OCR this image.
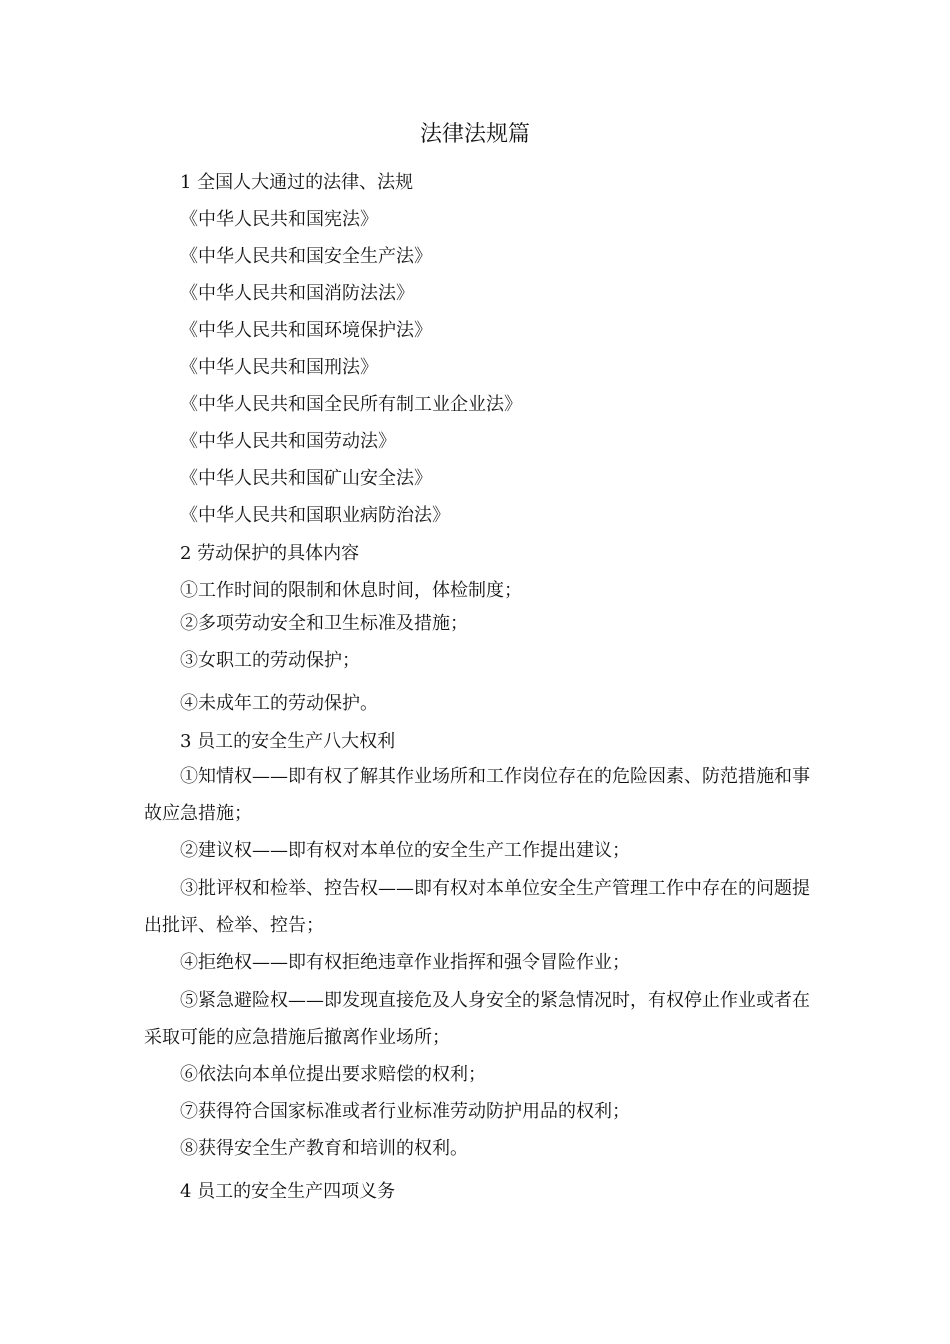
法律法规篇
1 全国人大通过的法律、法规
《中华人民共和国宪法》
《中华人民共和国安全生产法》
《中华人民共和国消防法法》
《中华人民共和国环境保护法》
《中华人民共和国刑法》
《中华人民共和国全民所有制工业企业法》
《中华人民共和国劳动法》
《中华人民共和国矿山安全法》
《中华人民共和国职业病防治法》
2 劳动保护的具体内容
①工作时间的限制和休息时间，体检制度；
②多项劳动安全和卫生标准及措施；
③女职工的劳动保护；
④未成年工的劳动保护。
3 员工的安全生产八大权利

①知情权——即有权了解其作业场所和工作岗位存在的危险因素、防范措施和事故应急措施；

②建议权——即有权对本单位的安全生产工作提出建议；

③批评权和检举、控告权——即有权对本单位安全生产管理工作中存在的问题提出批评、检举、控告；

④拒绝权——即有权拒绝违章作业指挥和强令冒险作业；

⑤紧急避险权——即发现直接危及人身安全的紧急情况时，有权停止作业或者在采取可能的应急措施后撤离作业场所；

⑥依法向本单位提出要求赔偿的权利；

⑦获得符合国家标准或者行业标准劳动防护用品的权利；

⑧获得安全生产教育和培训的权利。

4 员工的安全生产四项义务
